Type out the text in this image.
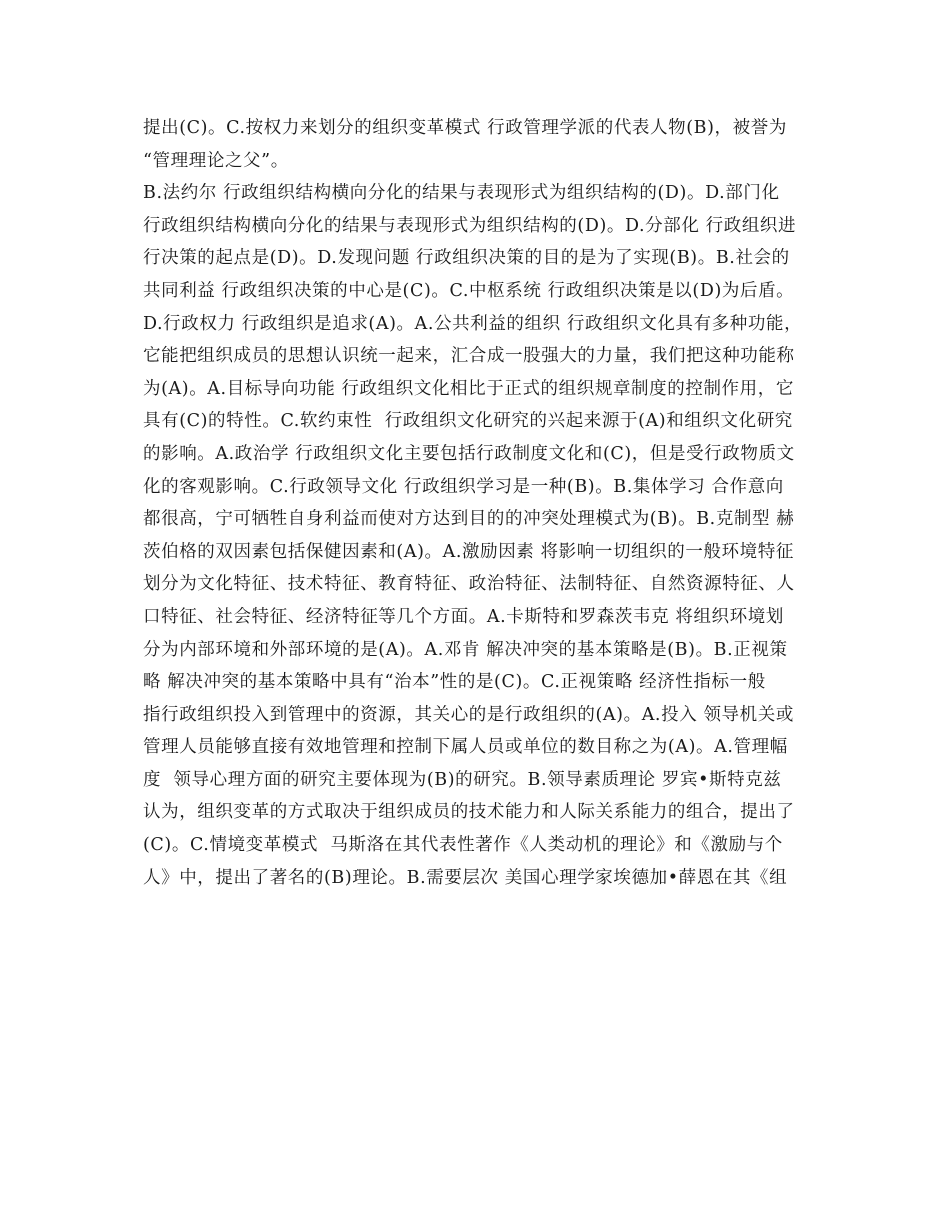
提出(C)。C.按权力来划分的组织变革模式 行政管理学派的代表人物(B)，被誉为
“管理理论之父”。
B.法约尔 行政组织结构横向分化的结果与表现形式为组织结构的(D)。D.部门化
行政组织结构横向分化的结果与表现形式为组织结构的(D)。D.分部化 行政组织进
行决策的起点是(D)。D.发现问题 行政组织决策的目的是为了实现(B)。B.社会的
共同利益 行政组织决策的中心是(C)。C.中枢系统 行政组织决策是以(D)为后盾。
D.行政权力 行政组织是追求(A)。A.公共利益的组织 行政组织文化具有多种功能，
它能把组织成员的思想认识统一起来，汇合成一股强大的力量，我们把这种功能称
为(A)。A.目标导向功能 行政组织文化相比于正式的组织规章制度的控制作用，它
具有(C)的特性。C.软约束性  行政组织文化研究的兴起来源于(A)和组织文化研究
的影响。A.政治学 行政组织文化主要包括行政制度文化和(C)，但是受行政物质文
化的客观影响。C.行政领导文化 行政组织学习是一种(B)。B.集体学习 合作意向
都很高，宁可牺牲自身利益而使对方达到目的的冲突处理模式为(B)。B.克制型 赫
茨伯格的双因素包括保健因素和(A)。A.激励因素 将影响一切组织的一般环境特征
划分为文化特征、技术特征、教育特征、政治特征、法制特征、自然资源特征、人
口特征、社会特征、经济特征等几个方面。A.卡斯特和罗森茨韦克 将组织环境划
分为内部环境和外部环境的是(A)。A.邓肯 解决冲突的基本策略是(B)。B.正视策
略 解决冲突的基本策略中具有“治本”性的是(C)。C.正视策略 经济性指标一般
指行政组织投入到管理中的资源，其关心的是行政组织的(A)。A.投入 领导机关或
管理人员能够直接有效地管理和控制下属人员或单位的数目称之为(A)。A.管理幅
度  领导心理方面的研究主要体现为(B)的研究。B.领导素质理论 罗宾•斯特克兹
认为，组织变革的方式取决于组织成员的技术能力和人际关系能力的组合，提出了
(C)。C.情境变革模式  马斯洛在其代表性著作《人类动机的理论》和《激励与个
人》中，提出了著名的(B)理论。B.需要层次 美国心理学家埃德加•薛恩在其《组
